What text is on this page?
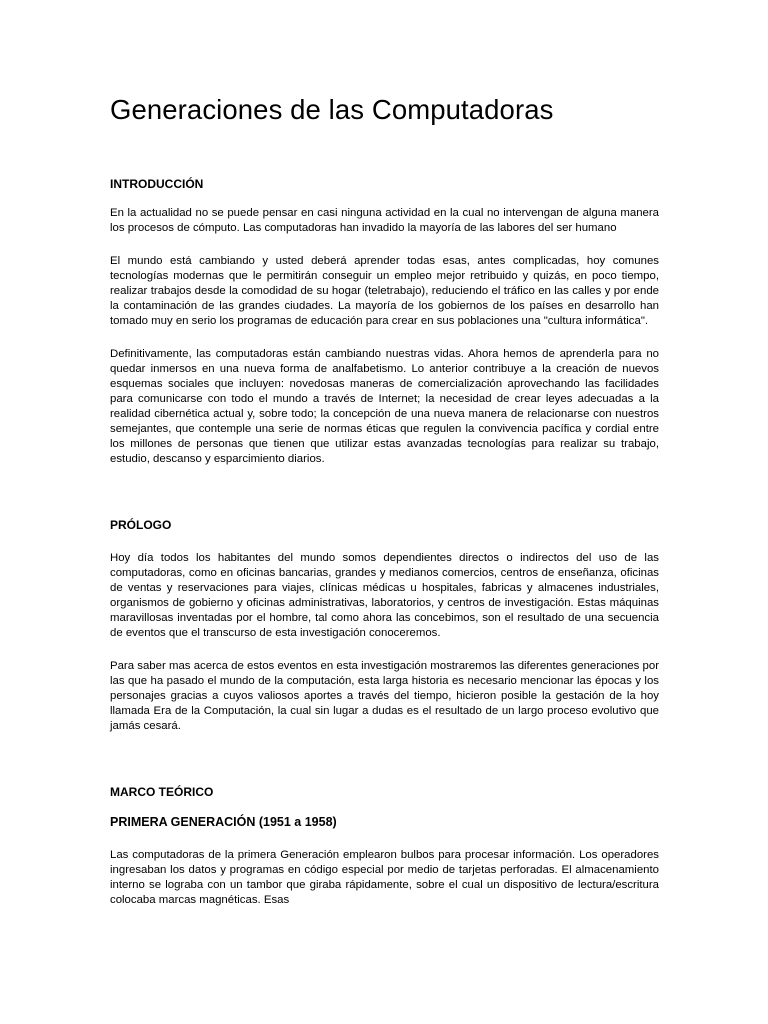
Generaciones de las Computadoras
INTRODUCCIÓN

En la actualidad no se puede pensar en casi ninguna actividad en la cual no intervengan de alguna manera los procesos de cómputo. Las computadoras han invadido la mayoría de las labores del ser humano

El mundo está cambiando y usted deberá aprender todas esas, antes complicadas, hoy comunes tecnologías modernas que le permitirán conseguir un empleo mejor retribuido y quizás, en poco tiempo, realizar trabajos desde la comodidad de su hogar (teletrabajo), reduciendo el tráfico en las calles y por ende la contaminación de las grandes ciudades. La mayoría de los gobiernos de los países en desarrollo han tomado muy en serio los programas de educación para crear en sus poblaciones una "cultura informática".

Definitivamente, las computadoras están cambiando nuestras vidas. Ahora hemos de aprenderla para no quedar inmersos en una nueva forma de analfabetismo. Lo anterior contribuye a la creación de nuevos esquemas sociales que incluyen: novedosas maneras de comercialización aprovechando las facilidades para comunicarse con todo el mundo a través de Internet; la necesidad de crear leyes adecuadas a la realidad cibernética actual y, sobre todo; la concepción de una nueva manera de relacionarse con nuestros semejantes, que contemple una serie de normas éticas que regulen la convivencia pacífica y cordial entre los millones de personas que tienen que utilizar estas avanzadas tecnologías para realizar su trabajo, estudio, descanso y esparcimiento diarios.

PRÓLOGO

Hoy día todos los habitantes del mundo somos dependientes directos o indirectos del uso de las computadoras, como en oficinas bancarias, grandes y medianos comercios, centros de enseñanza, oficinas de ventas y reservaciones para viajes, clínicas médicas u hospitales, fabricas y almacenes industriales, organismos de gobierno y oficinas administrativas, laboratorios, y centros de investigación. Estas máquinas maravillosas inventadas por el hombre, tal como ahora las concebimos, son el resultado de una secuencia de eventos que el transcurso de esta investigación conoceremos.

Para saber mas acerca de estos eventos en esta investigación mostraremos las diferentes generaciones por las que ha pasado el mundo de la computación, esta larga historia es necesario mencionar las épocas y los personajes gracias a cuyos valiosos aportes a través del tiempo, hicieron posible la gestación de la hoy llamada Era de la Computación, la cual sin lugar a dudas es el resultado de un largo proceso evolutivo que jamás cesará.

MARCO TEÓRICO
PRIMERA GENERACIÓN (1951 a 1958)

Las computadoras de la primera Generación emplearon bulbos para procesar información. Los operadores ingresaban los datos y programas en código especial por medio de tarjetas perforadas. El almacenamiento interno se lograba con un tambor que giraba rápidamente, sobre el cual un dispositivo de lectura/escritura colocaba marcas magnéticas. Esas
